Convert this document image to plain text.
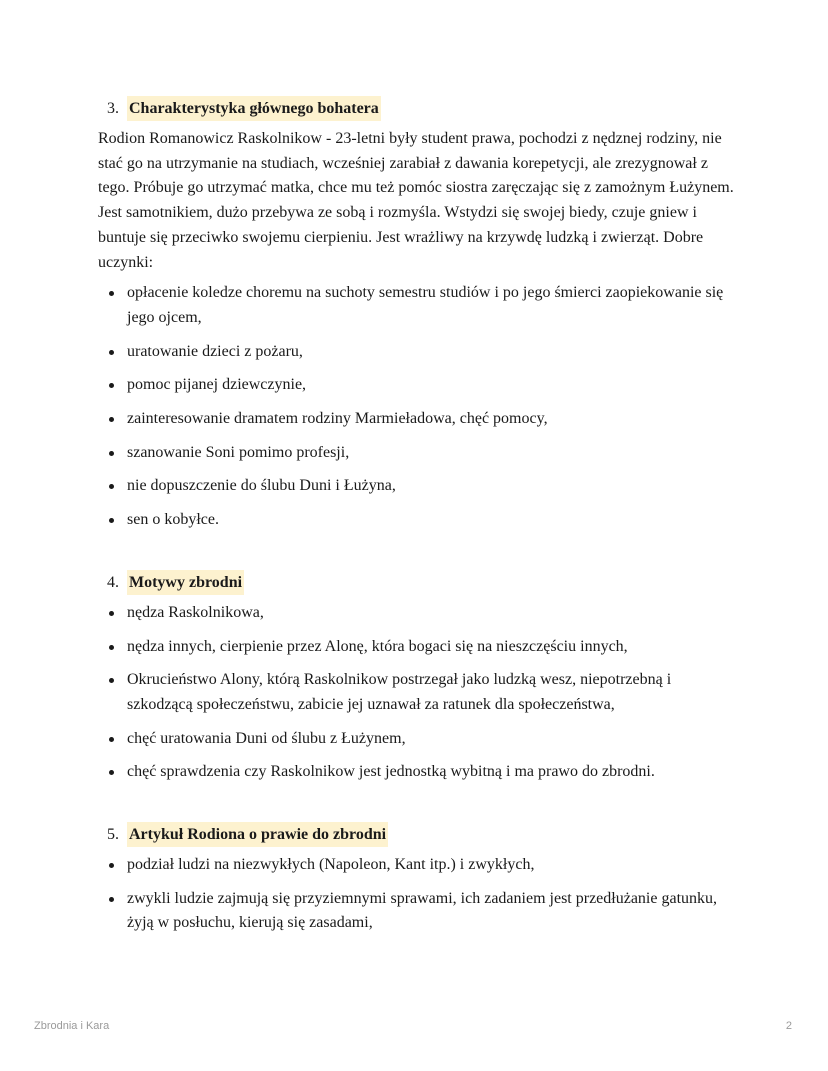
3. Charakterystyka głównego bohatera

Rodion Romanowicz Raskolnikow - 23-letni były student prawa, pochodzi z nędznej rodziny, nie stać go na utrzymanie na studiach, wcześniej zarabiał z dawania korepetycji, ale zrezygnował z tego. Próbuje go utrzymać matka, chce mu też pomóc siostra zaręczając się z zamożnym Łużynem. Jest samotnikiem, dużo przebywa ze sobą i rozmyśla. Wstydzi się swojej biedy, czuje gniew i buntuje się przeciwko swojemu cierpieniu. Jest wrażliwy na krzywdę ludzką i zwierząt. Dobre uczynki:

opłacenie koledze choremu na suchoty semestru studiów i po jego śmierci zaopiekowanie się jego ojcem,
uratowanie dzieci z pożaru,
pomoc pijanej dziewczynie,
zainteresowanie dramatem rodziny Marmieładowa, chęć pomocy,
szanowanie Soni pomimo profesji,
nie dopuszczenie do ślubu Duni i Łużyna,
sen o kobyłce.
4. Motywy zbrodni
nędza Raskolnikowa,
nędza innych, cierpienie przez Alonę, która bogaci się na nieszczęściu innych,
Okrucieństwo Alony, którą Raskolnikow postrzegał jako ludzką wesz, niepotrzebną i szkodzącą społeczeństwu, zabicie jej uznawał za ratunek dla społeczeństwa,
chęć uratowania Duni od ślubu z Łużynem,
chęć sprawdzenia czy Raskolnikow jest jednostką wybitną i ma prawo do zbrodni.
5. Artykuł Rodiona o prawie do zbrodni
podział ludzi na niezwykłych (Napoleon, Kant itp.) i zwykłych,
zwykli ludzie zajmują się przyziemnymi sprawami, ich zadaniem jest przedłużanie gatunku, żyją w posłuchu, kierują się zasadami,
Zbrodnia i Kara	2
